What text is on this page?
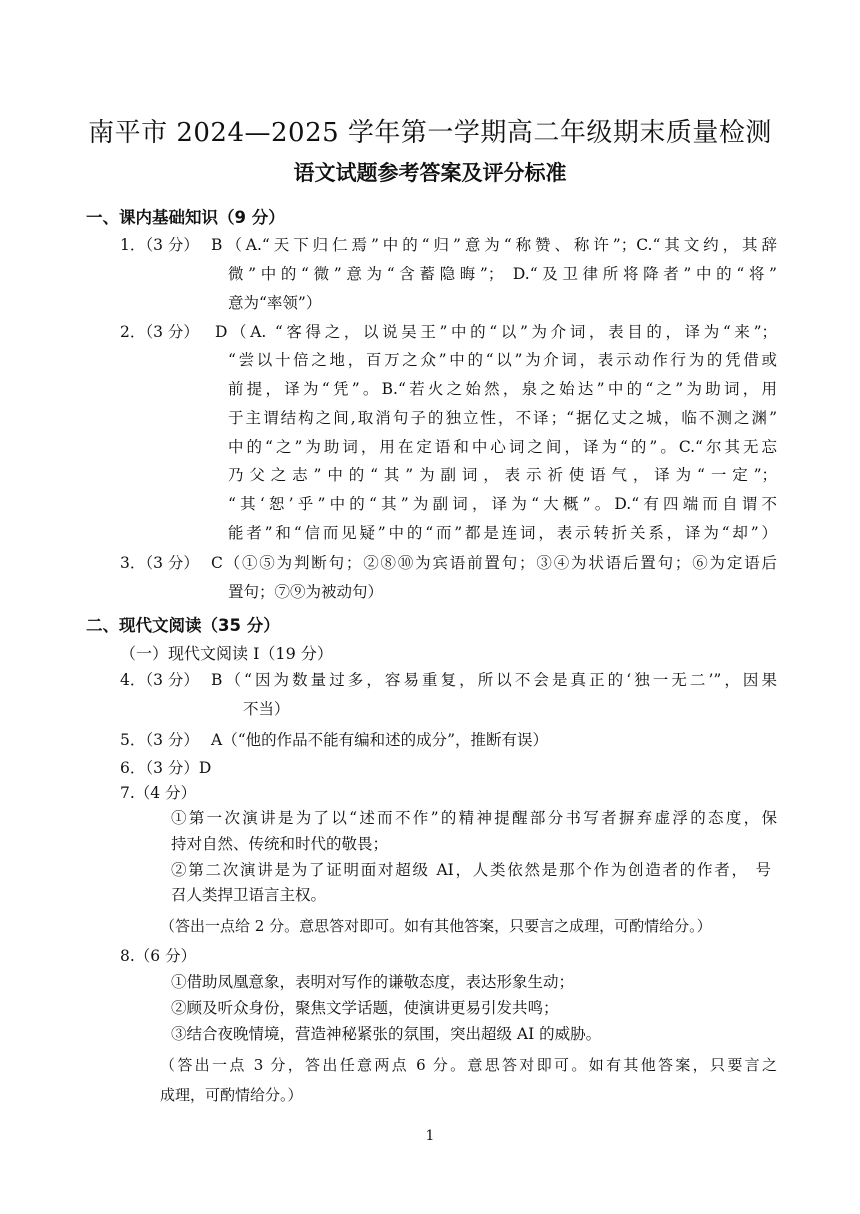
南平市 2024—2025 学年第一学期高二年级期末质量检测
语文试题参考答案及评分标准
一、课内基础知识（9 分）
1．（3 分） B（A.“天下归仁焉”中的“归”意为“称赞、称许”；C.“其文约，其辞
微”中的“微”意为“含蓄隐晦”； D.“及卫律所将降者”中的“将”
意为“率领”）
2．（3 分） D（A. “客得之，以说吴王”中的“以”为介词，表目的，译为“来”；
“尝以十倍之地，百万之众”中的“以”为介词，表示动作行为的凭借或
前提，译为“凭”。B.“若火之始然，泉之始达”中的“之”为助词，用
于主谓结构之间,取消句子的独立性，不译；“据亿丈之城，临不测之渊”
中的“之”为助词，用在定语和中心词之间，译为“的”。C.“尔其无忘
乃父之志”中的“其”为副词，表示祈使语气，译为“一定”；
“其‘恕’乎”中的“其”为副词，译为“大概”。D.“有四端而自谓不
能者”和“信而见疑”中的“而”都是连词，表示转折关系，译为“却”）
3．（3 分） C（①⑤为判断句；②⑧⑩为宾语前置句；③④为状语后置句；⑥为定语后
置句；⑦⑨为被动句）
二、现代文阅读（35 分）
（一）现代文阅读 I（19 分）
4．（3 分） B（“因为数量过多，容易重复，所以不会是真正的‘独一无二’”，因果
不当）
5．（3 分） A（“他的作品不能有编和述的成分”，推断有误）
6．（3 分）D
7.（4 分）
①第一次演讲是为了以“述而不作”的精神提醒部分书写者摒弃虚浮的态度，保
持对自然、传统和时代的敬畏；
②第二次演讲是为了证明面对超级 AI，人类依然是那个作为创造者的作者， 号
召人类捍卫语言主权。
（答出一点给 2 分。意思答对即可。如有其他答案，只要言之成理，可酌情给分。）
8.（6 分）
①借助凤凰意象，表明对写作的谦敬态度，表达形象生动；
②顾及听众身份，聚焦文学话题，使演讲更易引发共鸣；
③结合夜晚情境，营造神秘紧张的氛围，突出超级 AI 的威胁。
（答出一点 3 分，答出任意两点 6 分。意思答对即可。如有其他答案，只要言之
成理，可酌情给分。）
1
